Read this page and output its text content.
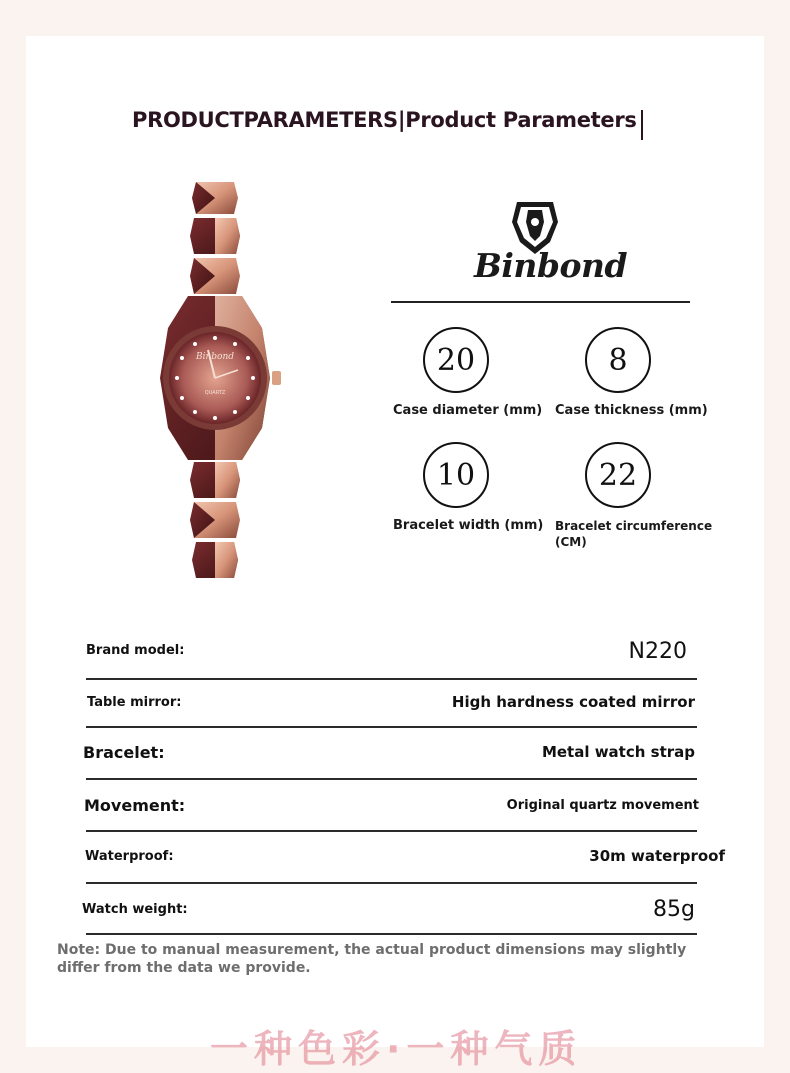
PRODUCTPARAMETERS|Product Parameters
Binbond
QUARTZ
Binbond
20
Case diameter (mm)
8
Case thickness (mm)
10
Bracelet width (mm)
22
Bracelet circumference (CM)
Brand model:	N220
Table mirror:	High hardness coated mirror
Bracelet:	Metal watch strap
Movement:	Original quartz movement
Waterproof:	30m waterproof
Watch weight:	85g
Note: Due to manual measurement, the actual product dimensions may slightly differ from the data we provide.
一种色彩·一种气质
